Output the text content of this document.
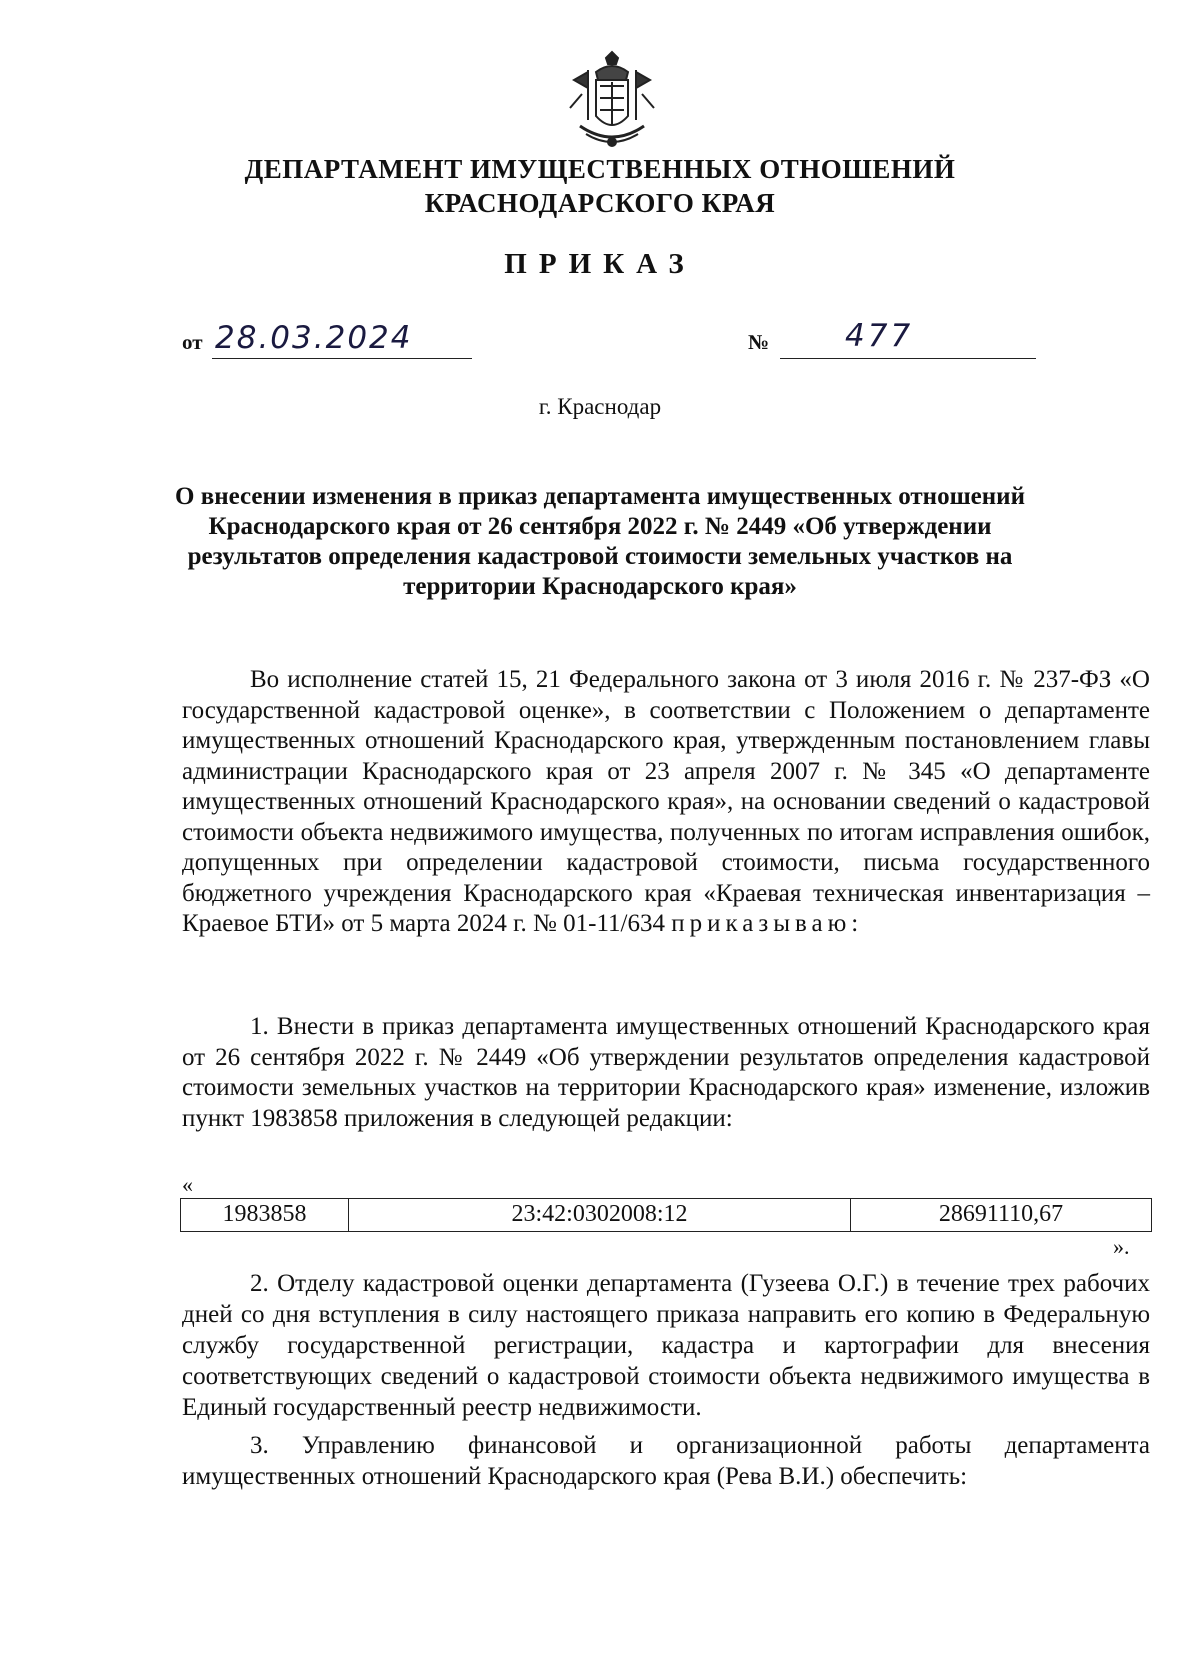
ДЕПАРТАМЕНТ ИМУЩЕСТВЕННЫХ ОТНОШЕНИЙ
КРАСНОДАРСКОГО КРАЯ
ПРИКАЗ
от 28.03.2024	№ 477
г. Краснодар
О внесении изменения в приказ департамента имущественных отношений Краснодарского края от 26 сентября 2022 г. № 2449 «Об утверждении результатов определения кадастровой стоимости земельных участков на территории Краснодарского края»
Во исполнение статей 15, 21 Федерального закона от 3 июля 2016 г. № 237-ФЗ «О государственной кадастровой оценке», в соответствии с Положением о департаменте имущественных отношений Краснодарского края, утвержденным постановлением главы администрации Краснодарского края от 23 апреля 2007 г. № 345 «О департаменте имущественных отношений Краснодарского края», на основании сведений о кадастровой стоимости объекта недвижимого имущества, полученных по итогам исправления ошибок, допущенных при определении кадастровой стоимости, письма государственного бюджетного учреждения Краснодарского края «Краевая техническая инвентаризация – Краевое БТИ» от 5 марта 2024 г. № 01-11/634 приказываю:
1. Внести в приказ департамента имущественных отношений Краснодарского края от 26 сентября 2022 г. № 2449 «Об утверждении результатов определения кадастровой стоимости земельных участков на территории Краснодарского края» изменение, изложив пункт 1983858 приложения в следующей редакции:
«
1983858	23:42:0302008:12	28691110,67
».
2. Отделу кадастровой оценки департамента (Гузеева О.Г.) в течение трех рабочих дней со дня вступления в силу настоящего приказа направить его копию в Федеральную службу государственной регистрации, кадастра и картографии для внесения соответствующих сведений о кадастровой стоимости объекта недвижимого имущества в Единый государственный реестр недвижимости.
3. Управлению финансовой и организационной работы департамента имущественных отношений Краснодарского края (Рева В.И.) обеспечить:
